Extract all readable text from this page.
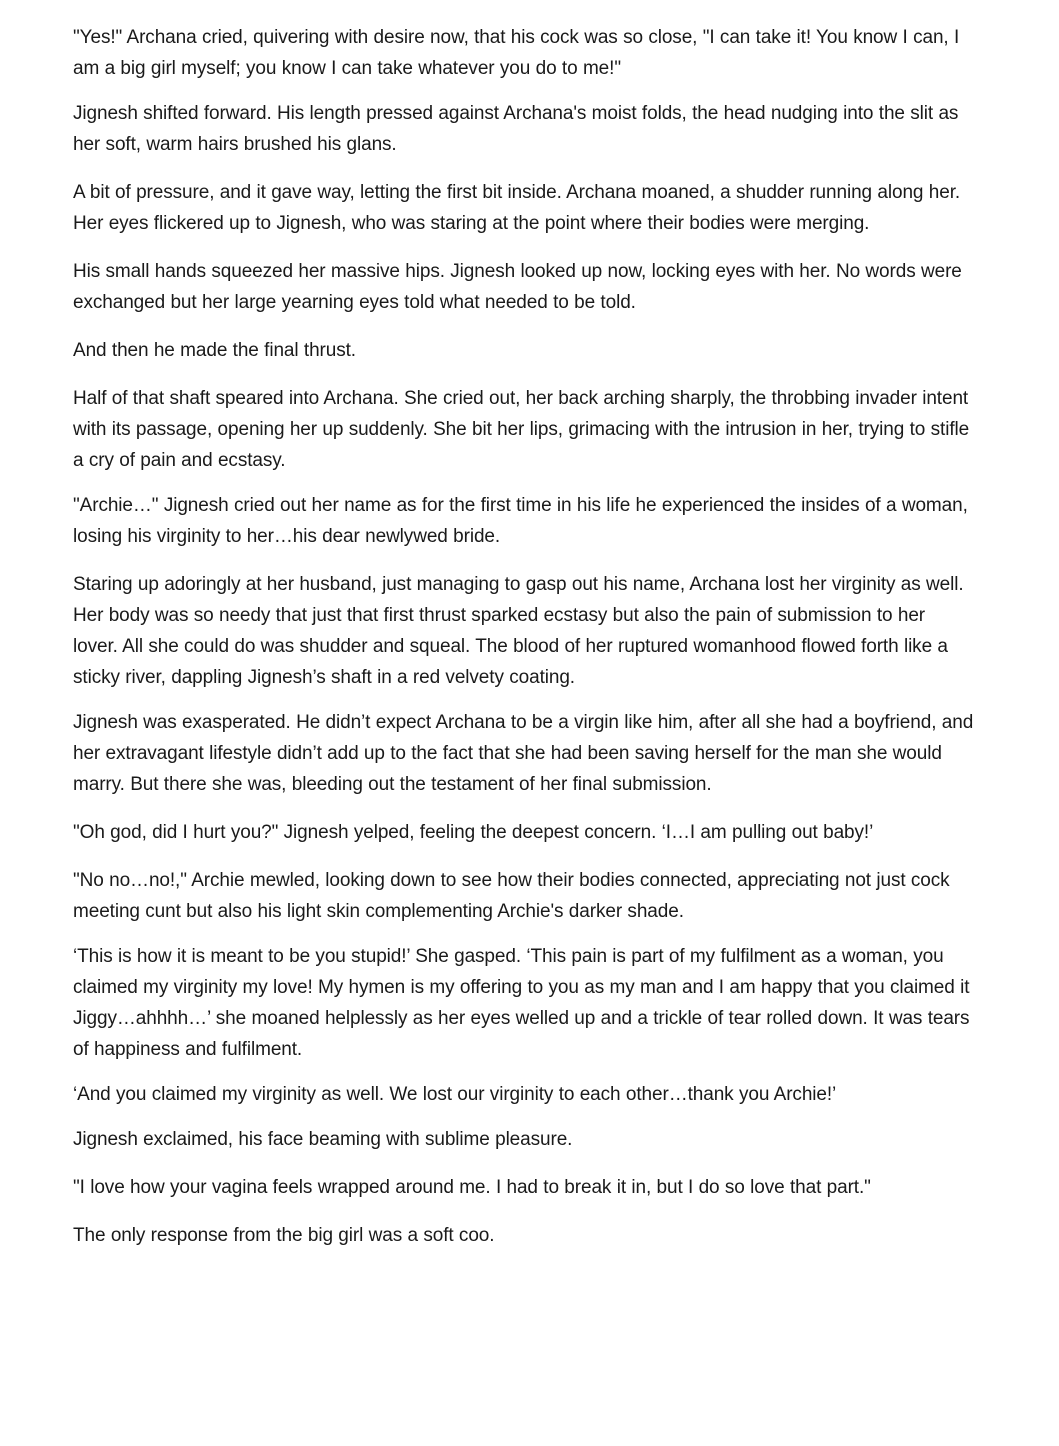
"Yes!" Archana cried, quivering with desire now, that his cock was so close, "I can take it! You know I can, I am a big girl myself; you know I can take whatever you do to me!"

Jignesh shifted forward. His length pressed against Archana's moist folds, the head nudging into the slit as her soft, warm hairs brushed his glans.

A bit of pressure, and it gave way, letting the first bit inside. Archana moaned, a shudder running along her. Her eyes flickered up to Jignesh, who was staring at the point where their bodies were merging.

His small hands squeezed her massive hips. Jignesh looked up now, locking eyes with her. No words were exchanged but her large yearning eyes told what needed to be told.

And then he made the final thrust.

Half of that shaft speared into Archana. She cried out, her back arching sharply, the throbbing invader intent with its passage, opening her up suddenly. She bit her lips, grimacing with the intrusion in her, trying to stifle a cry of pain and ecstasy.

"Archie…" Jignesh cried out her name as for the first time in his life he experienced the insides of a woman, losing his virginity to her…his dear newlywed bride.

Staring up adoringly at her husband, just managing to gasp out his name, Archana lost her virginity as well. Her body was so needy that just that first thrust sparked ecstasy but also the pain of submission to her lover. All she could do was shudder and squeal. The blood of her ruptured womanhood flowed forth like a sticky river, dappling Jignesh’s shaft in a red velvety coating.

Jignesh was exasperated. He didn’t expect Archana to be a virgin like him, after all she had a boyfriend, and her extravagant lifestyle didn’t add up to the fact that she had been saving herself for the man she would marry. But there she was, bleeding out the testament of her final submission.

"Oh god, did I hurt you?" Jignesh yelped, feeling the deepest concern. ‘I…I am pulling out baby!’

"No no…no!," Archie mewled, looking down to see how their bodies connected, appreciating not just cock meeting cunt but also his light skin complementing Archie's darker shade.

‘This is how it is meant to be you stupid!’ She gasped. ‘This pain is part of my fulfilment as a woman, you claimed my virginity my love! My hymen is my offering to you as my man and I am happy that you claimed it Jiggy…ahhhh…’ she moaned helplessly as her eyes welled up and a trickle of tear rolled down. It was tears of happiness and fulfilment.

‘And you claimed my virginity as well. We lost our virginity to each other…thank you Archie!’

Jignesh exclaimed, his face beaming with sublime pleasure.

"I love how your vagina feels wrapped around me. I had to break it in, but I do so love that part."

The only response from the big girl was a soft coo.
